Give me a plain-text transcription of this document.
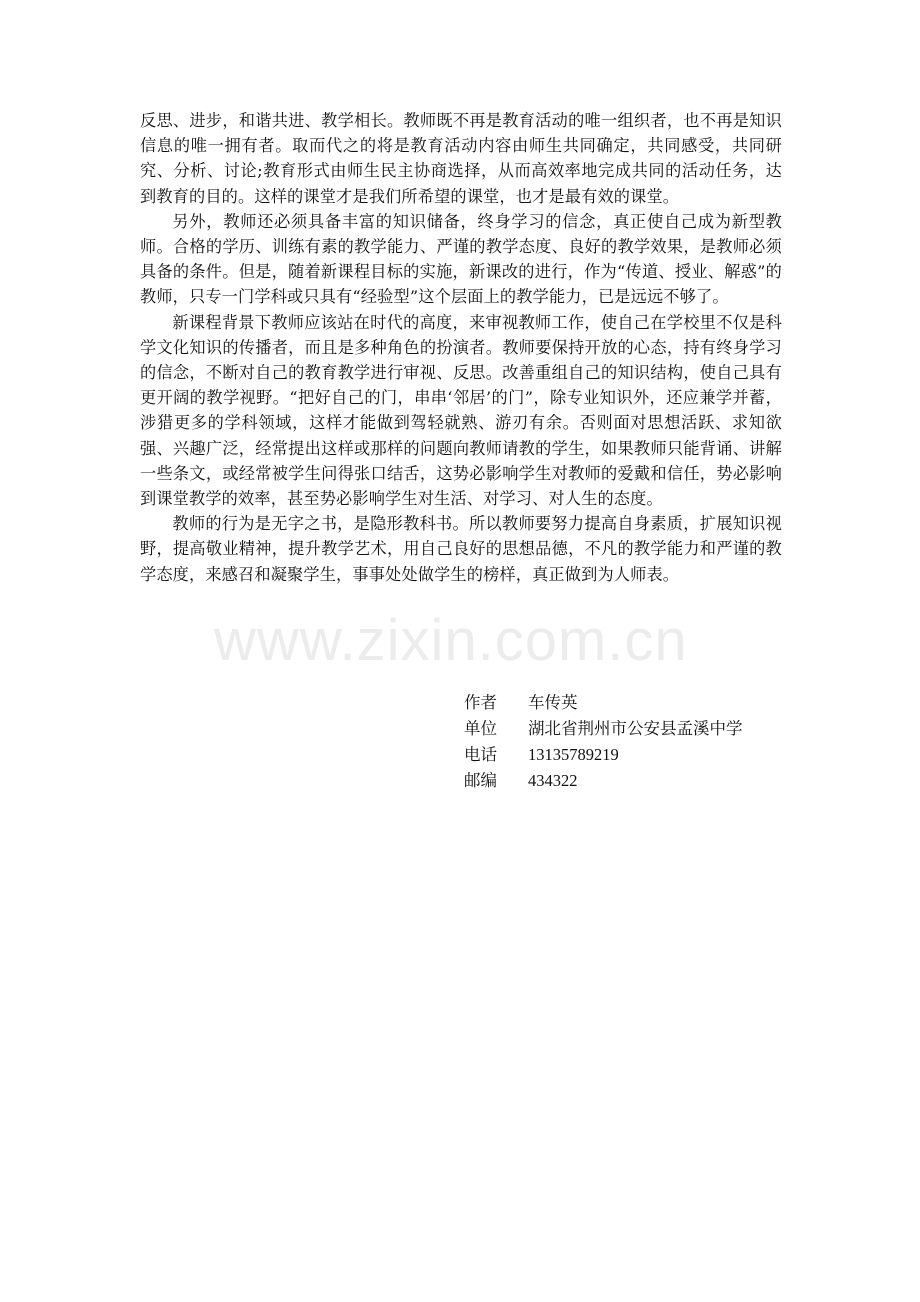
www.zixin.com.cn

反思、进步，和谐共进、教学相长。教师既不再是教育活动的唯一组织者，也不再是知识信息的唯一拥有者。取而代之的将是教育活动内容由师生共同确定，共同感受，共同研究、分析、讨论;教育形式由师生民主协商选择，从而高效率地完成共同的活动任务，达到教育的目的。这样的课堂才是我们所希望的课堂，也才是最有效的课堂。

另外，教师还必须具备丰富的知识储备，终身学习的信念，真正使自己成为新型教师。合格的学历、训练有素的教学能力、严谨的教学态度、良好的教学效果，是教师必须具备的条件。但是，随着新课程目标的实施，新课改的进行，作为“传道、授业、解惑”的教师，只专一门学科或只具有“经验型”这个层面上的教学能力，已是远远不够了。

新课程背景下教师应该站在时代的高度，来审视教师工作，使自己在学校里不仅是科学文化知识的传播者，而且是多种角色的扮演者。教师要保持开放的心态，持有终身学习的信念，不断对自己的教育教学进行审视、反思。改善重组自己的知识结构，使自己具有更开阔的教学视野。“把好自己的门，串串‘邻居’的门”，除专业知识外，还应兼学并蓄，涉猎更多的学科领域，这样才能做到驾轻就熟、游刃有余。否则面对思想活跃、求知欲强、兴趣广泛，经常提出这样或那样的问题向教师请教的学生，如果教师只能背诵、讲解一些条文，或经常被学生问得张口结舌，这势必影响学生对教师的爱戴和信任，势必影响到课堂教学的效率，甚至势必影响学生对生活、对学习、对人生的态度。

教师的行为是无字之书，是隐形教科书。所以教师要努力提高自身素质，扩展知识视野，提高敬业精神，提升教学艺术，用自己良好的思想品德，不凡的教学能力和严谨的教学态度，来感召和凝聚学生，事事处处做学生的榜样，真正做到为人师表。

作者	车传英
单位	湖北省荆州市公安县孟溪中学
电话	13135789219
邮编	434322
